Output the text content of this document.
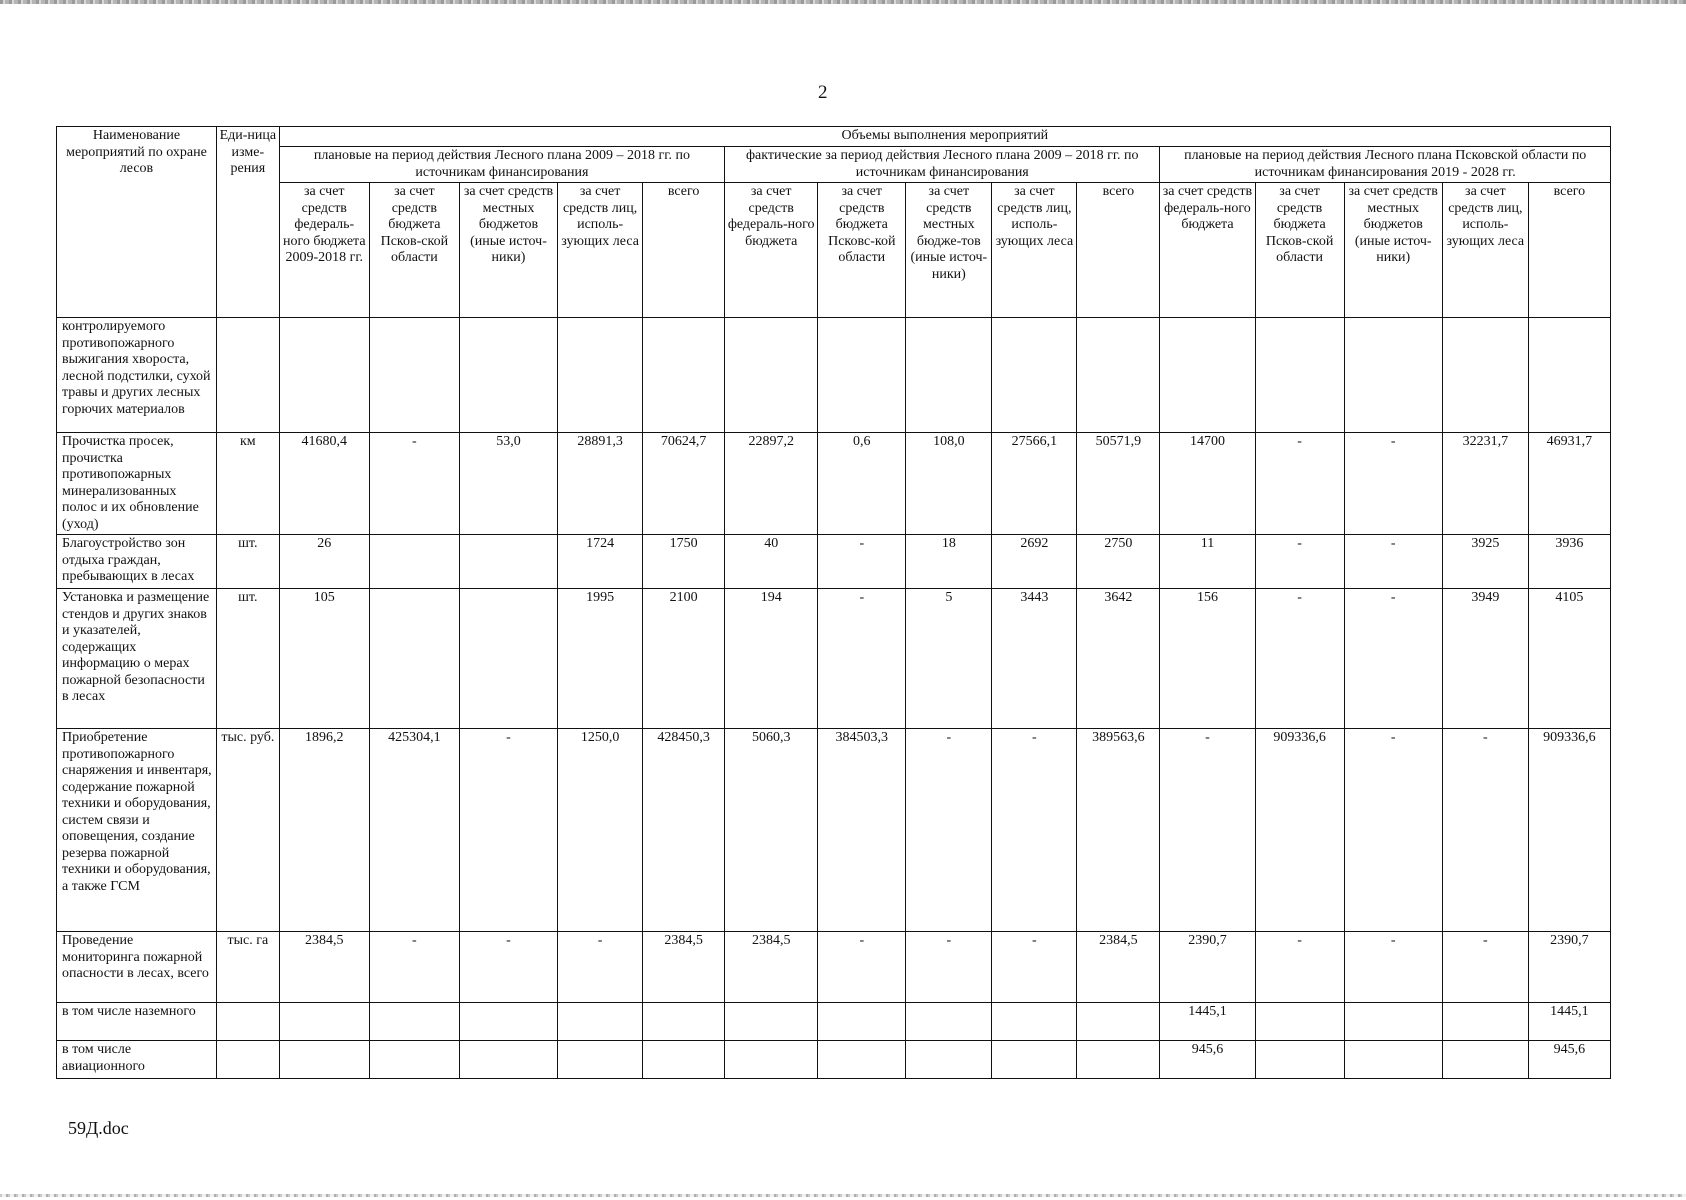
2
Наименование мероприятий по охране лесов	Еди-ница изме-рения	Объемы выполнения мероприятий														
		плановые на период действия Лесного плана 2009 – 2018 гг. по источникам финансирования					фактические за период действия Лесного плана 2009 – 2018 гг. по источникам финансирования					плановые на период действия Лесного плана Псковской области по источникам финансирования 2019 - 2028 гг.				
		за счет средств федераль-ного бюджета 2009-2018 гг.	за счет средств бюджета Псков-ской области	за счет средств местных бюджетов (иные источ-ники)	за счет средств лиц, исполь-зующих леса	всего	за счет средств федераль-ного бюджета	за счет средств бюджета Псковс-кой области	за счет средств местных бюдже-тов (иные источ-ники)	за счет средств лиц, исполь-зующих леса	всего	за счет средств федераль-ного бюджета	за счет средств бюджета Псков-ской области	за счет средств местных бюджетов (иные источ-ники)	за счет средств лиц, исполь-зующих леса	всего
контролируемого противопожарного выжигания хвороста, лесной подстилки, сухой травы и других лесных горючих материалов																
Прочистка просек, прочистка противопожарных минерализованных полос и их обновление (уход)	км	41680,4	-	53,0	28891,3	70624,7	22897,2	0,6	108,0	27566,1	50571,9	14700	-	-	32231,7	46931,7
Благоустройство зон отдыха граждан, пребывающих в лесах	шт.	26			1724	1750	40	-	18	2692	2750	11	-	-	3925	3936
Установка и размещение стендов и других знаков и указателей, содержащих информацию о мерах пожарной безопасности в лесах	шт.	105			1995	2100	194	-	5	3443	3642	156	-	-	3949	4105
Приобретение противопожарного снаряжения и инвентаря, содержание пожарной техники и оборудования, систем связи и оповещения, создание резерва пожарной техники и оборудования, а также ГСМ	тыс. руб.	1896,2	425304,1	-	1250,0	428450,3	5060,3	384503,3	-	-	389563,6	-	909336,6	-	-	909336,6
Проведение мониторинга пожарной опасности в лесах, всего	тыс. га	2384,5	-	-	-	2384,5	2384,5	-	-	-	2384,5	2390,7	-	-	-	2390,7
в том числе наземного												1445,1				1445,1
в том числе авиационного												945,6				945,6
59Д.doc
